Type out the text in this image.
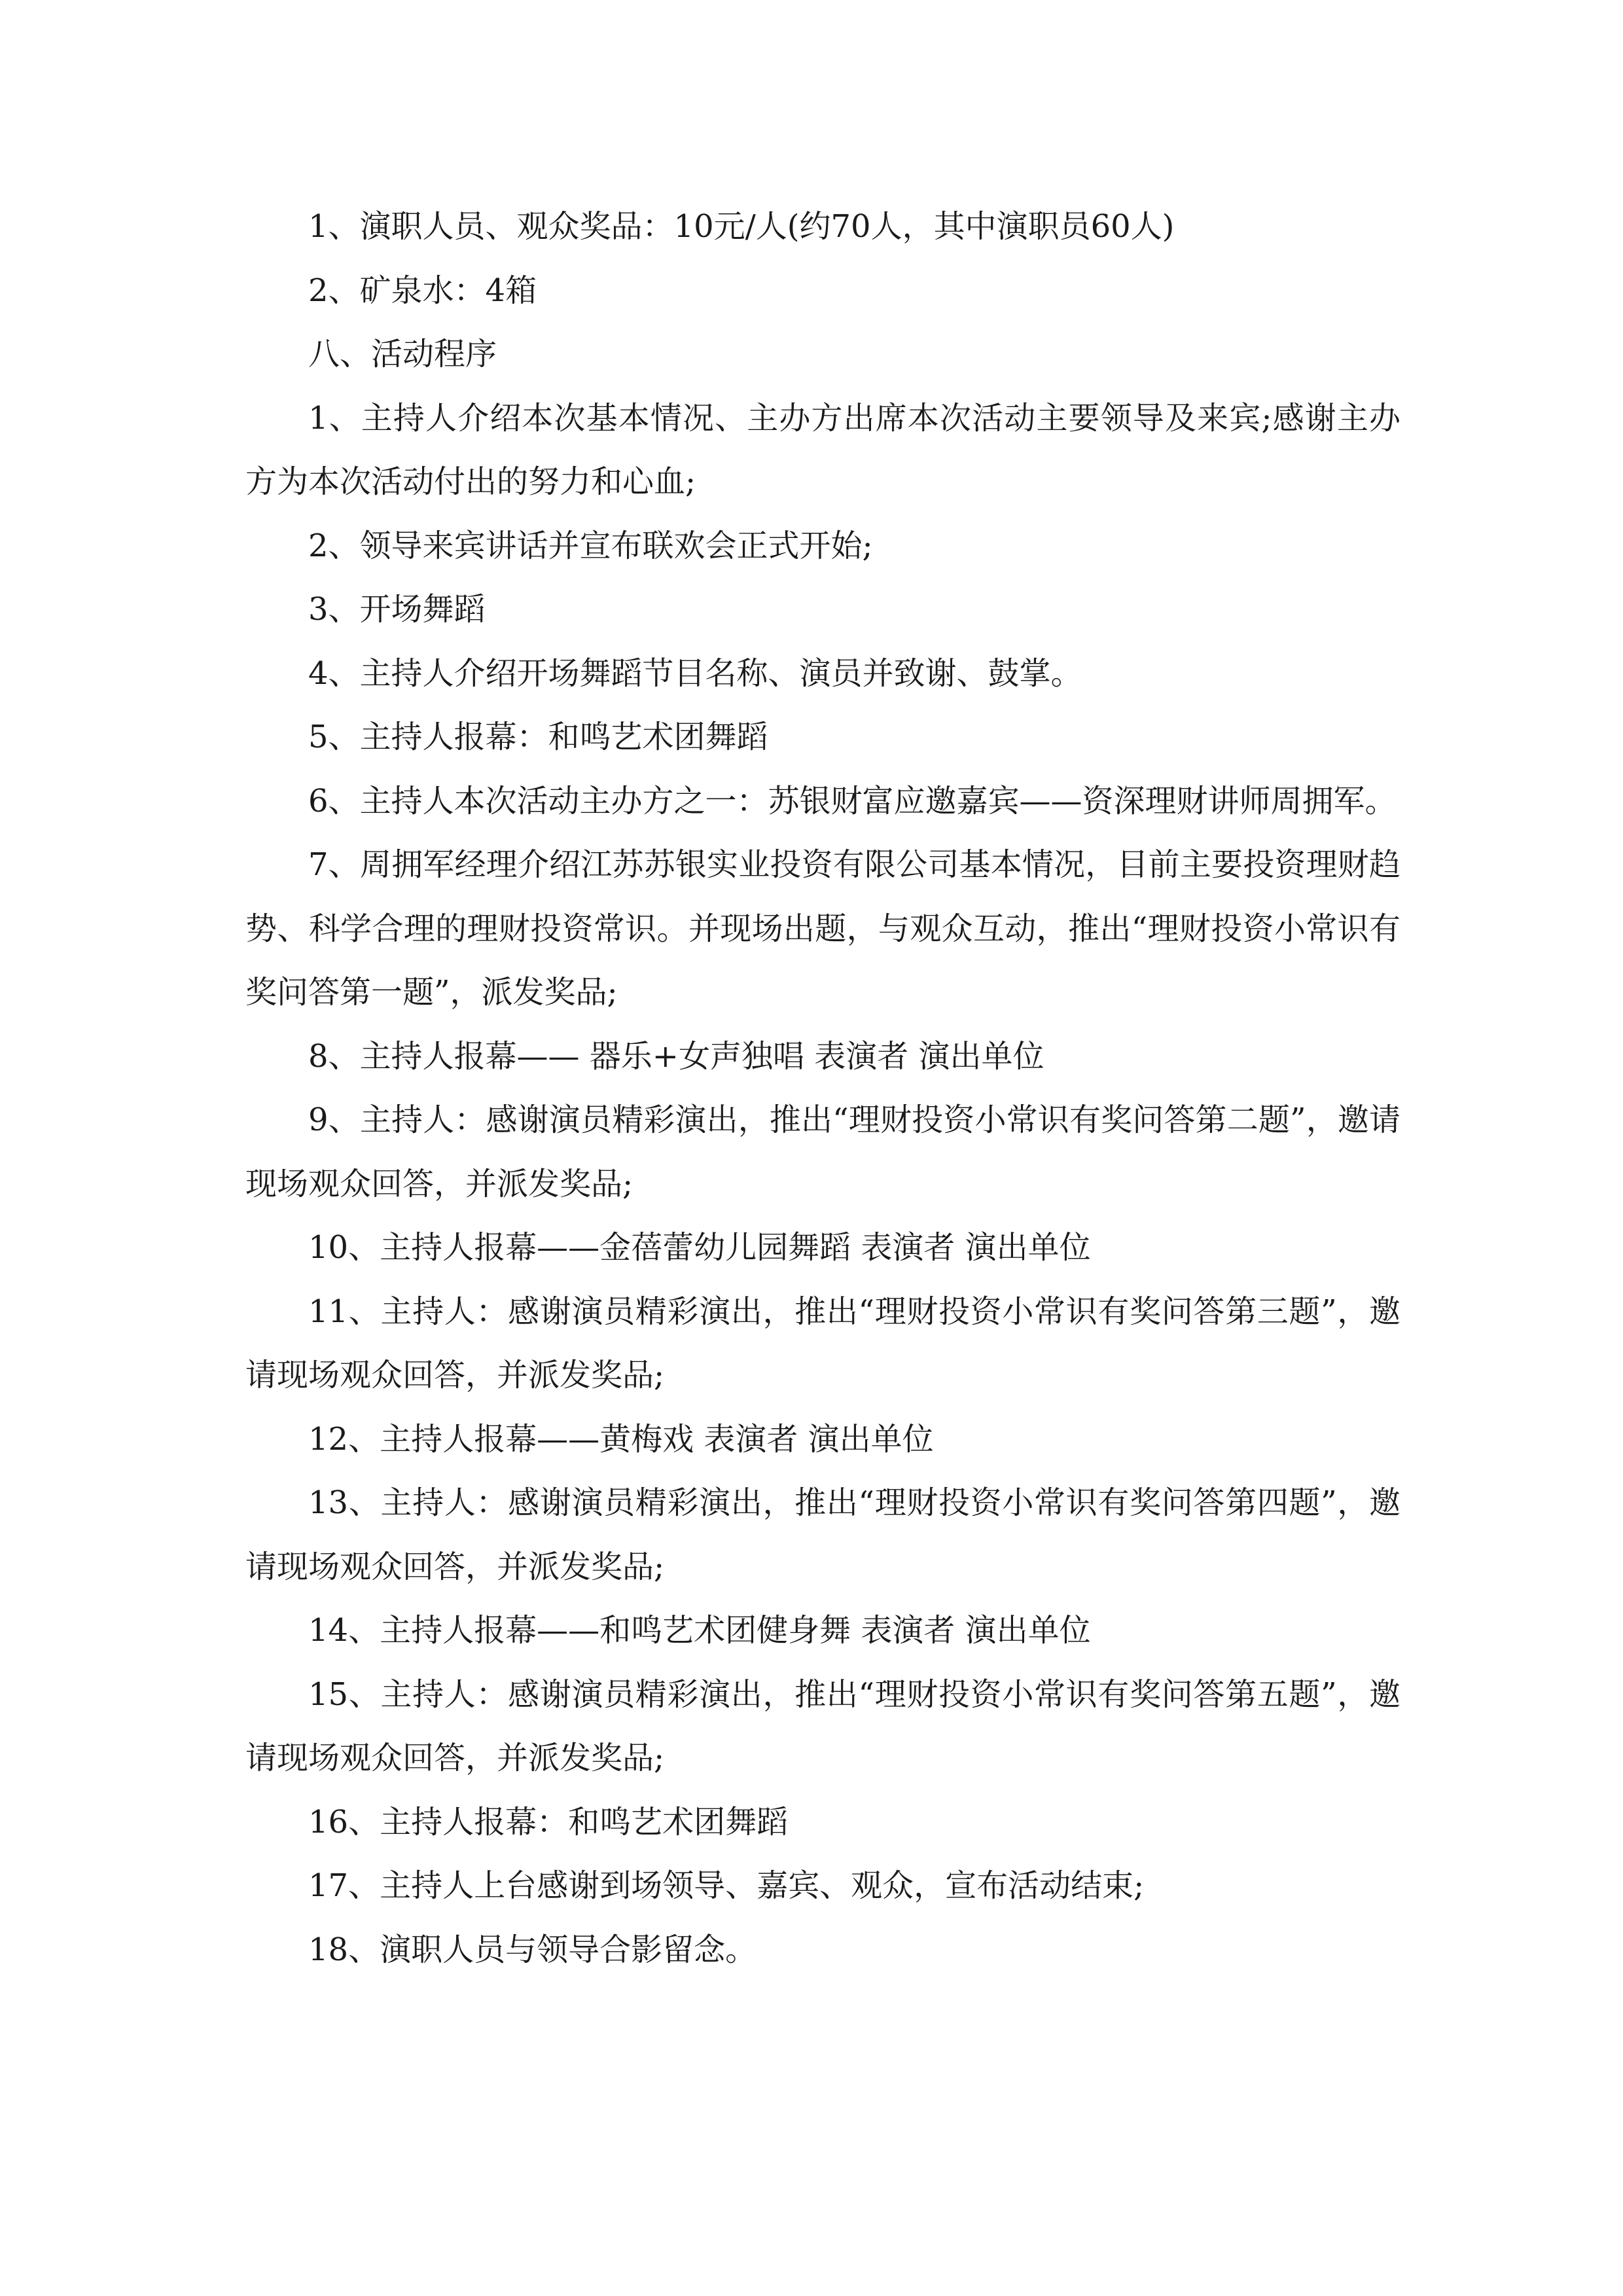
1、演职人员、观众奖品：10元/人(约70人，其中演职员60人)

2、矿泉水：4箱

八、活动程序

1、主持人介绍本次基本情况、主办方出席本次活动主要领导及来宾;感谢主办方为本次活动付出的努力和心血;

2、领导来宾讲话并宣布联欢会正式开始;

3、开场舞蹈

4、主持人介绍开场舞蹈节目名称、演员并致谢、鼓掌。

5、主持人报幕：和鸣艺术团舞蹈

6、主持人本次活动主办方之一：苏银财富应邀嘉宾——资深理财讲师周拥军。

7、周拥军经理介绍江苏苏银实业投资有限公司基本情况，目前主要投资理财趋势、科学合理的理财投资常识。并现场出题，与观众互动，推出“理财投资小常识有奖问答第一题”，派发奖品;

8、主持人报幕—— 器乐+女声独唱 表演者 演出单位

9、主持人：感谢演员精彩演出，推出“理财投资小常识有奖问答第二题”，邀请现场观众回答，并派发奖品;

10、主持人报幕——金蓓蕾幼儿园舞蹈 表演者 演出单位

11、主持人：感谢演员精彩演出，推出“理财投资小常识有奖问答第三题”，邀请现场观众回答，并派发奖品;

12、主持人报幕——黄梅戏 表演者 演出单位

13、主持人：感谢演员精彩演出，推出“理财投资小常识有奖问答第四题”，邀请现场观众回答，并派发奖品;

14、主持人报幕——和鸣艺术团健身舞 表演者 演出单位

15、主持人：感谢演员精彩演出，推出“理财投资小常识有奖问答第五题”，邀请现场观众回答，并派发奖品;

16、主持人报幕：和鸣艺术团舞蹈

17、主持人上台感谢到场领导、嘉宾、观众，宣布活动结束;

18、演职人员与领导合影留念。
